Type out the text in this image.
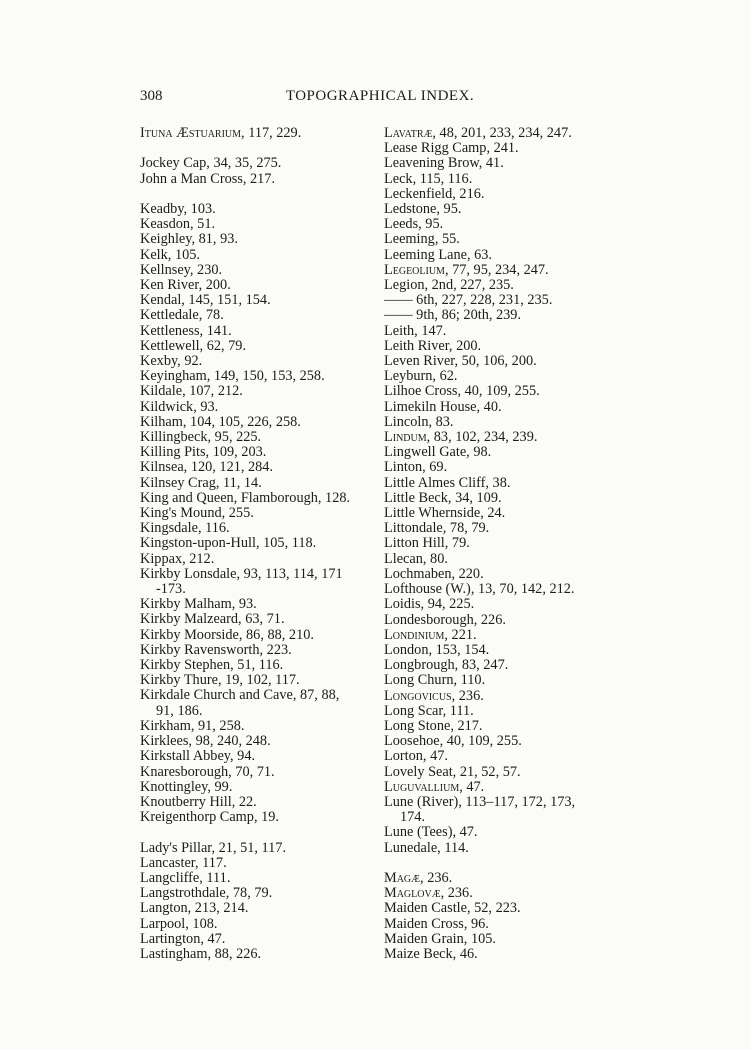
308	TOPOGRAPHICAL INDEX.
Ituna Æstuarium, 117, 229.
Jockey Cap, 34, 35, 275.
John a Man Cross, 217.
Keadby, 103.
Keasdon, 51.
Keighley, 81, 93.
Kelk, 105.
Kellnsey, 230.
Ken River, 200.
Kendal, 145, 151, 154.
Kettledale, 78.
Kettleness, 141.
Kettlewell, 62, 79.
Kexby, 92.
Keyingham, 149, 150, 153, 258.
Kildale, 107, 212.
Kildwick, 93.
Kilham, 104, 105, 226, 258.
Killingbeck, 95, 225.
Killing Pits, 109, 203.
Kilnsea, 120, 121, 284.
Kilnsey Crag, 11, 14.
King and Queen, Flamborough, 128.
King's Mound, 255.
Kingsdale, 116.
Kingston-upon-Hull, 105, 118.
Kippax, 212.
Kirkby Lonsdale, 93, 113, 114, 171
-173.
Kirkby Malham, 93.
Kirkby Malzeard, 63, 71.
Kirkby Moorside, 86, 88, 210.
Kirkby Ravensworth, 223.
Kirkby Stephen, 51, 116.
Kirkby Thure, 19, 102, 117.
Kirkdale Church and Cave, 87, 88,
91, 186.
Kirkham, 91, 258.
Kirklees, 98, 240, 248.
Kirkstall Abbey, 94.
Knaresborough, 70, 71.
Knottingley, 99.
Knoutberry Hill, 22.
Kreigenthorp Camp, 19.
Lady's Pillar, 21, 51, 117.
Lancaster, 117.
Langcliffe, 111.
Langstrothdale, 78, 79.
Langton, 213, 214.
Larpool, 108.
Lartington, 47.
Lastingham, 88, 226.
Lavatræ, 48, 201, 233, 234, 247.
Lease Rigg Camp, 241.
Leavening Brow, 41.
Leck, 115, 116.
Leckenfield, 216.
Ledstone, 95.
Leeds, 95.
Leeming, 55.
Leeming Lane, 63.
Legeolium, 77, 95, 234, 247.
Legion, 2nd, 227, 235.
—— 6th, 227, 228, 231, 235.
—— 9th, 86; 20th, 239.
Leith, 147.
Leith River, 200.
Leven River, 50, 106, 200.
Leyburn, 62.
Lilhoe Cross, 40, 109, 255.
Limekiln House, 40.
Lincoln, 83.
Lindum, 83, 102, 234, 239.
Lingwell Gate, 98.
Linton, 69.
Little Almes Cliff, 38.
Little Beck, 34, 109.
Little Whernside, 24.
Littondale, 78, 79.
Litton Hill, 79.
Llecan, 80.
Lochmaben, 220.
Lofthouse (W.), 13, 70, 142, 212.
Loidis, 94, 225.
Londesborough, 226.
Londinium, 221.
London, 153, 154.
Longbrough, 83, 247.
Long Churn, 110.
Longovicus, 236.
Long Scar, 111.
Long Stone, 217.
Loosehoe, 40, 109, 255.
Lorton, 47.
Lovely Seat, 21, 52, 57.
Luguvallium, 47.
Lune (River), 113–117, 172, 173,
174.
Lune (Tees), 47.
Lunedale, 114.
Magæ, 236.
Maglovæ, 236.
Maiden Castle, 52, 223.
Maiden Cross, 96.
Maiden Grain, 105.
Maize Beck, 46.
